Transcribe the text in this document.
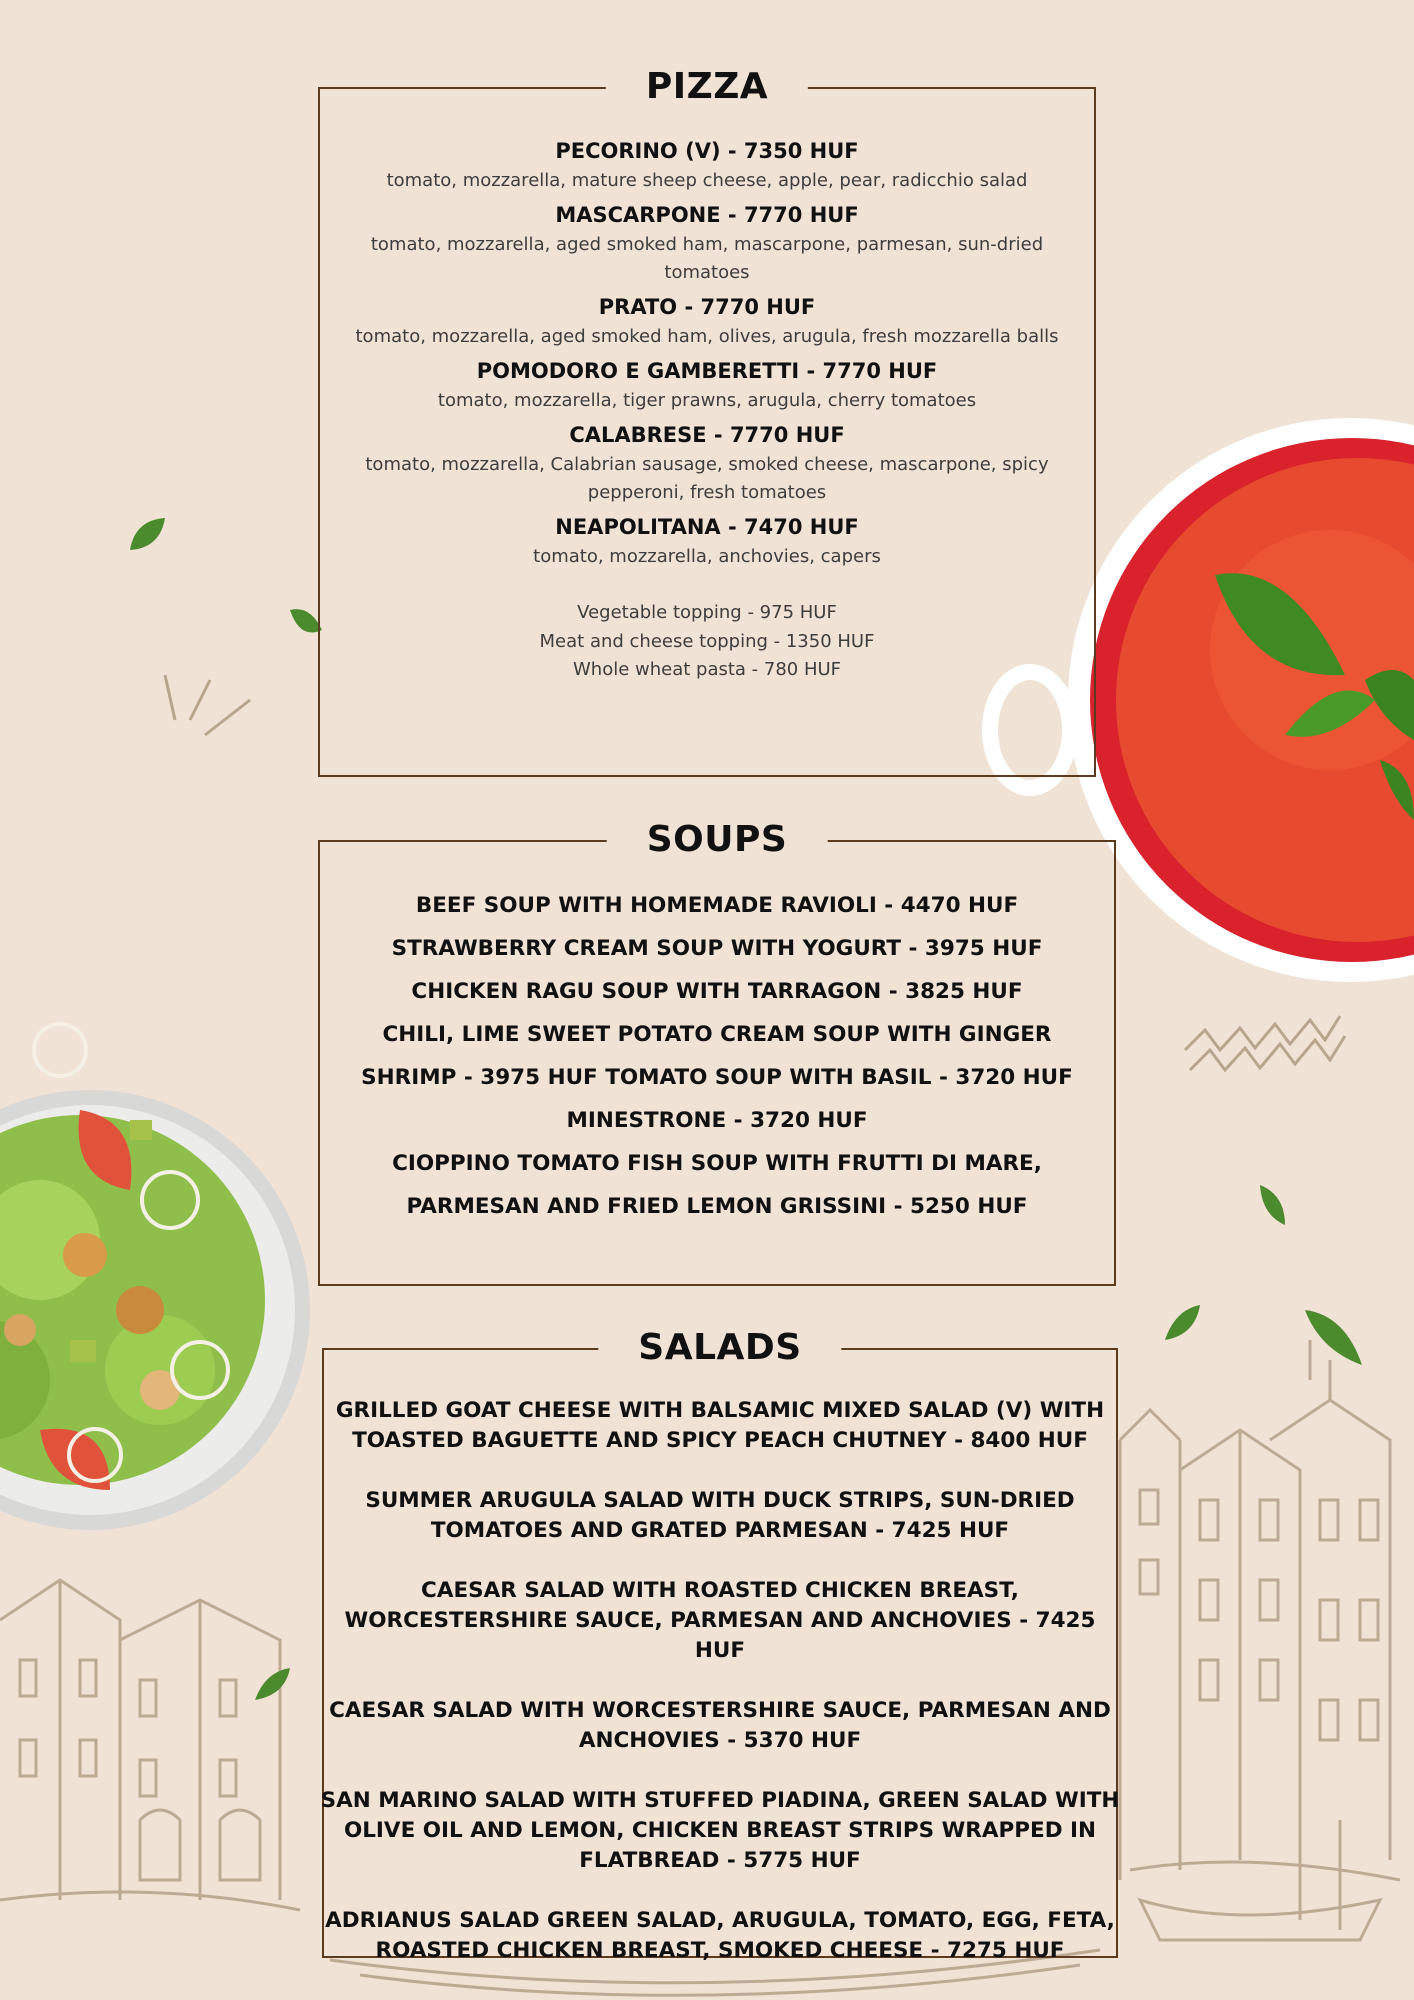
PIZZA
PECORINO (V) - 7350 HUF
tomato, mozzarella, mature sheep cheese, apple, pear, radicchio salad
MASCARPONE - 7770 HUF
tomato, mozzarella, aged smoked ham, mascarpone, parmesan, sun-dried tomatoes
PRATO - 7770 HUF
tomato, mozzarella, aged smoked ham, olives, arugula, fresh mozzarella balls
POMODORO E GAMBERETTI - 7770 HUF
tomato, mozzarella, tiger prawns, arugula, cherry tomatoes
CALABRESE - 7770 HUF
tomato, mozzarella, Calabrian sausage, smoked cheese, mascarpone, spicy pepperoni, fresh tomatoes
NEAPOLITANA - 7470 HUF
tomato, mozzarella, anchovies, capers
Vegetable topping - 975 HUF
Meat and cheese topping - 1350 HUF
Whole wheat pasta - 780 HUF
SOUPS
BEEF SOUP WITH HOMEMADE RAVIOLI - 4470 HUF
STRAWBERRY CREAM SOUP WITH YOGURT - 3975 HUF
CHICKEN RAGU SOUP WITH TARRAGON - 3825 HUF
CHILI, LIME SWEET POTATO CREAM SOUP WITH GINGER
SHRIMP - 3975 HUF TOMATO SOUP WITH BASIL - 3720 HUF
MINESTRONE - 3720 HUF
CIOPPINO TOMATO FISH SOUP WITH FRUTTI DI MARE,
PARMESAN AND FRIED LEMON GRISSINI - 5250 HUF
SALADS
GRILLED GOAT CHEESE WITH BALSAMIC MIXED SALAD (V) WITH TOASTED BAGUETTE AND SPICY PEACH CHUTNEY - 8400 HUF
SUMMER ARUGULA SALAD WITH DUCK STRIPS, SUN-DRIED TOMATOES AND GRATED PARMESAN - 7425 HUF
CAESAR SALAD WITH ROASTED CHICKEN BREAST, WORCESTERSHIRE SAUCE, PARMESAN AND ANCHOVIES - 7425 HUF
CAESAR SALAD WITH WORCESTERSHIRE SAUCE, PARMESAN AND ANCHOVIES - 5370 HUF
SAN MARINO SALAD WITH STUFFED PIADINA, GREEN SALAD WITH OLIVE OIL AND LEMON, CHICKEN BREAST STRIPS WRAPPED IN FLATBREAD - 5775 HUF
ADRIANUS SALAD GREEN SALAD, ARUGULA, TOMATO, EGG, FETA, ROASTED CHICKEN BREAST, SMOKED CHEESE - 7275 HUF
